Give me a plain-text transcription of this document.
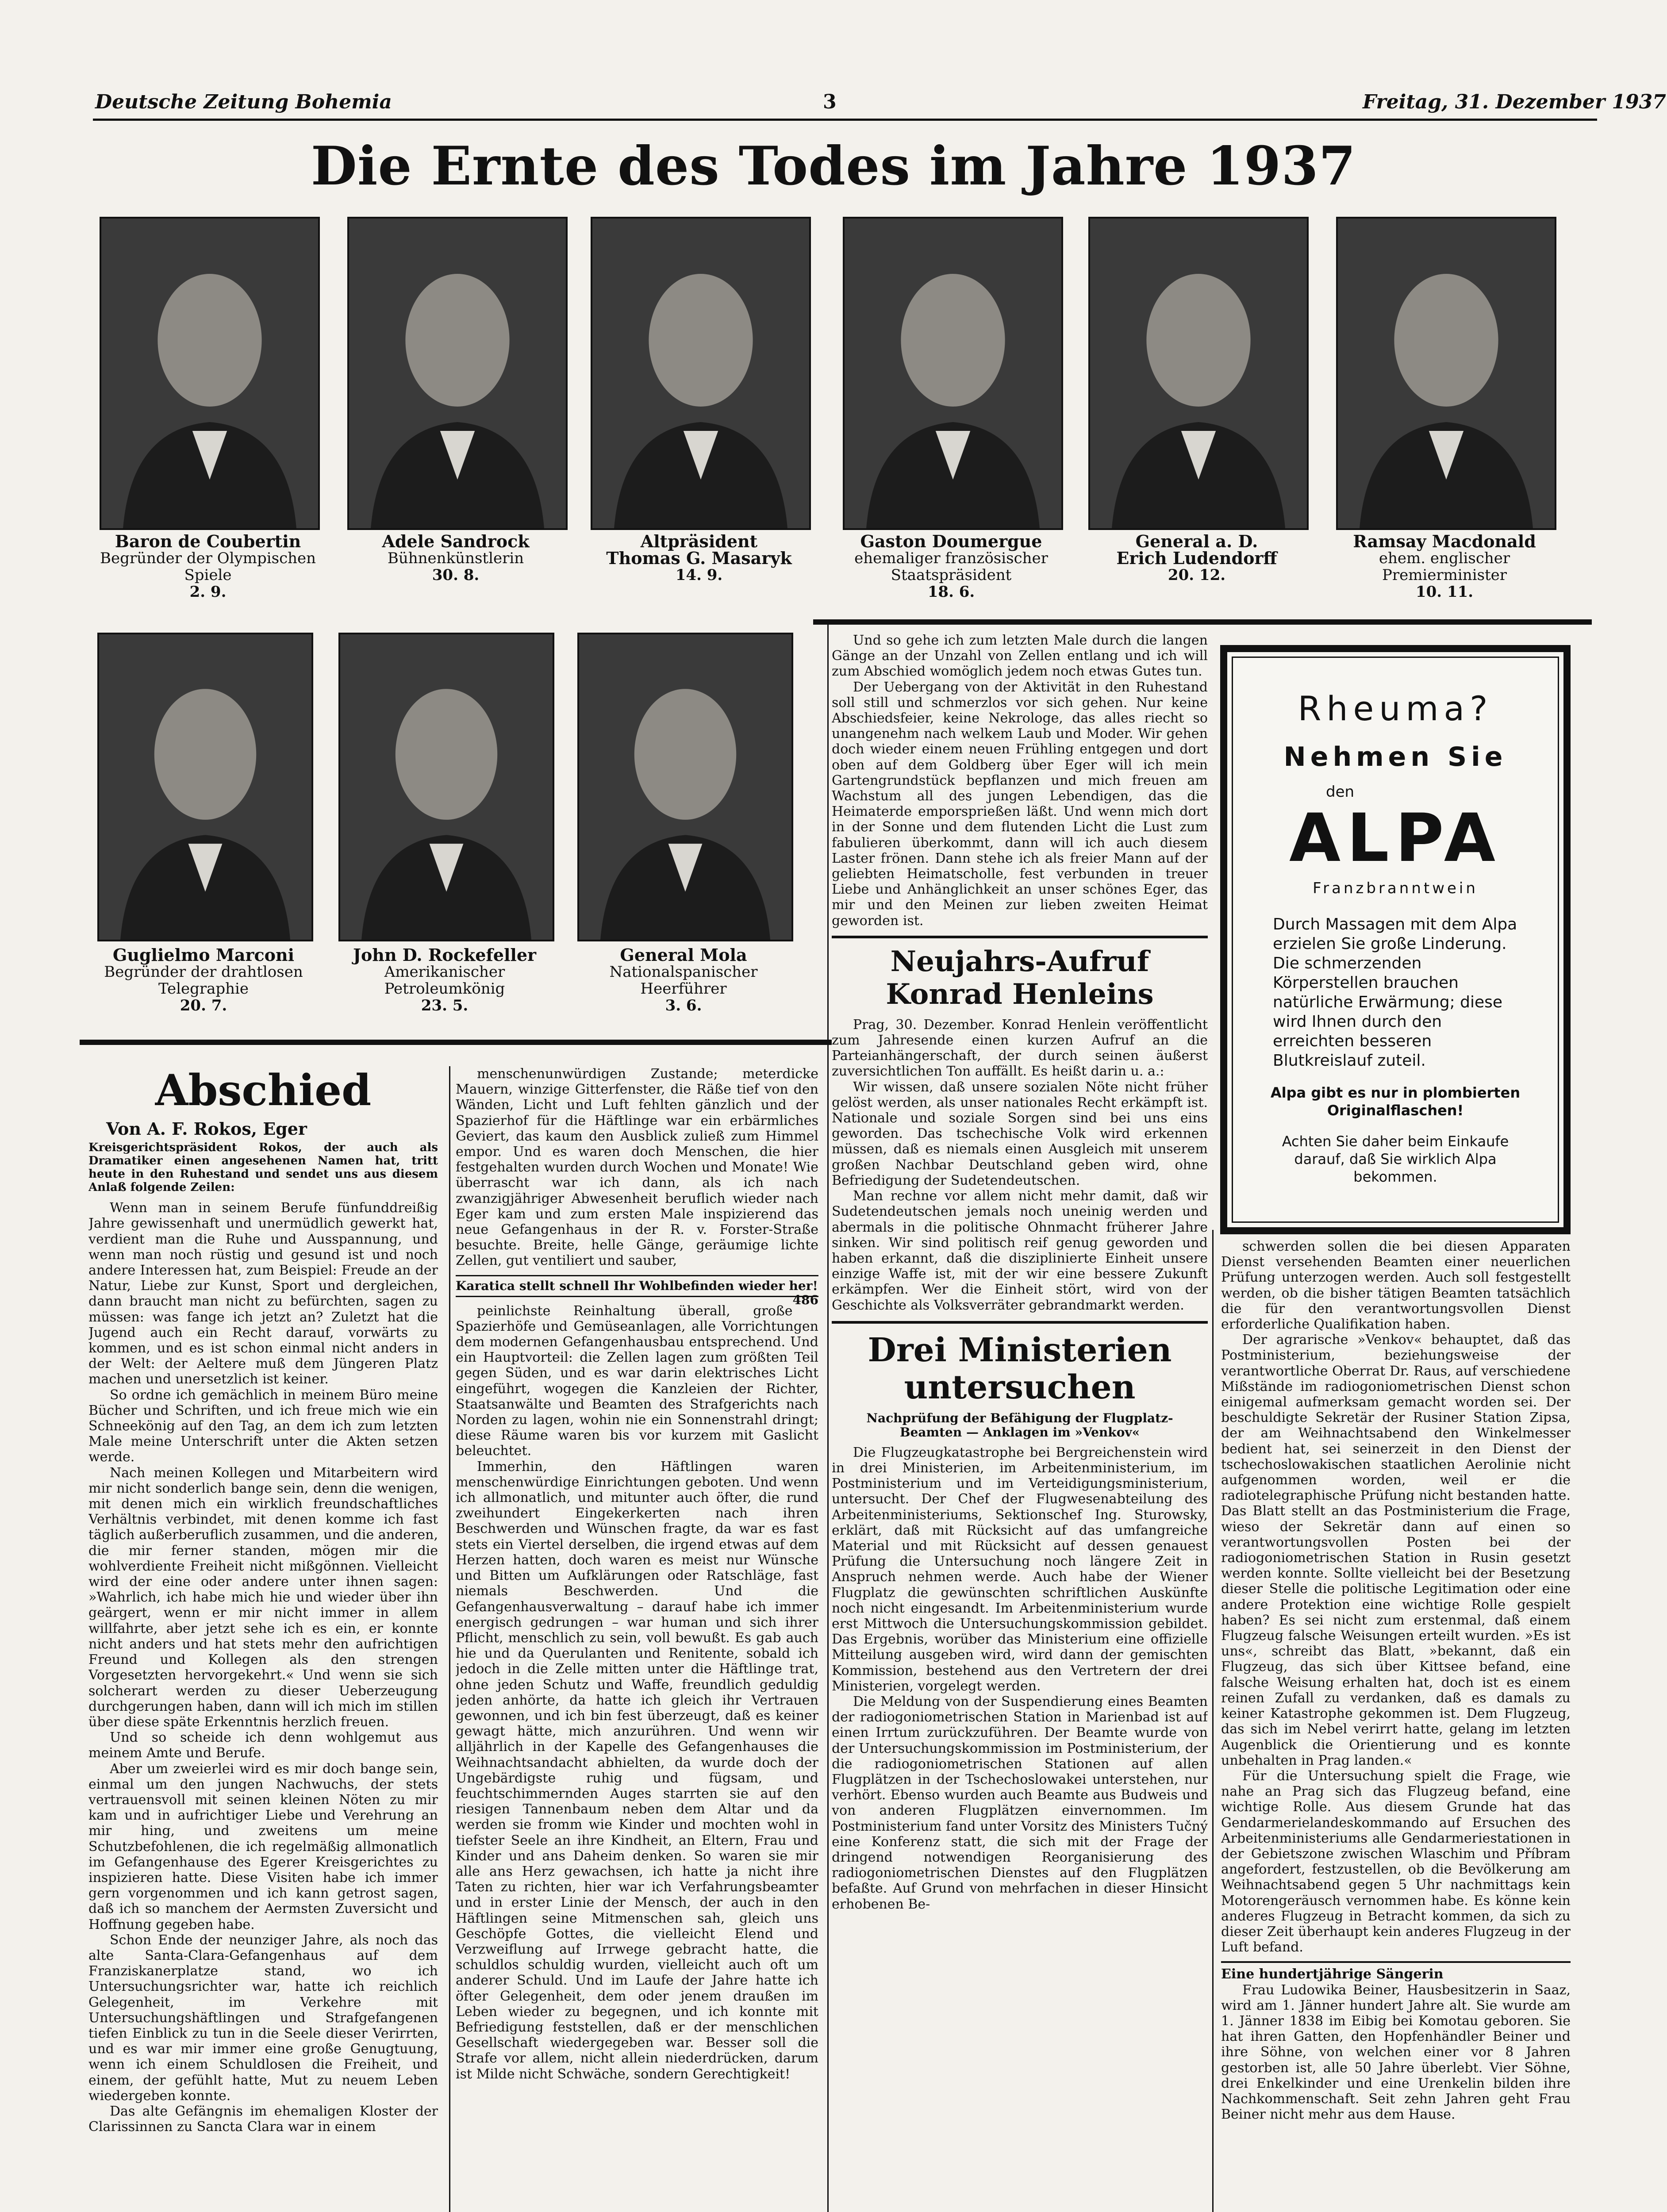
Deutsche Zeitung Bohemia	3	Freitag, 31. Dezember 1937
Die Ernte des Todes im Jahre 1937
Baron de Coubertin
Begründer der Olympischen Spiele
2. 9.
Adele Sandrock
Bühnenkünstlerin
30. 8.
Altpräsident
Thomas G. Masaryk
14. 9.
Gaston Doumergue
ehemaliger französischer Staatspräsident
18. 6.
General a. D.
Erich Ludendorff
20. 12.
Ramsay Macdonald
ehem. englischer Premierminister
10. 11.
Guglielmo Marconi
Begründer der drahtlosen Telegraphie
20. 7.
John D. Rockefeller
Amerikanischer Petroleumkönig
23. 5.
General Mola
Nationalspanischer Heerführer
3. 6.
Abschied
Von A. F. Rokos, Eger
Kreisgerichtspräsident Rokos, der auch als Dramatiker einen angesehenen Namen hat, tritt heute in den Ruhestand und sendet uns aus diesem Anlaß folgende Zeilen:

Wenn man in seinem Berufe fünfunddreißig Jahre gewissenhaft und unermüdlich gewerkt hat, verdient man die Ruhe und Ausspannung, und wenn man noch rüstig und gesund ist und noch andere Interessen hat, zum Beispiel: Freude an der Natur, Liebe zur Kunst, Sport und dergleichen, dann braucht man nicht zu befürchten, sagen zu müssen: was fange ich jetzt an? Zuletzt hat die Jugend auch ein Recht darauf, vorwärts zu kommen, und es ist schon einmal nicht anders in der Welt: der Aeltere muß dem Jüngeren Platz machen und unersetzlich ist keiner.

So ordne ich gemächlich in meinem Büro meine Bücher und Schriften, und ich freue mich wie ein Schneekönig auf den Tag, an dem ich zum letzten Male meine Unterschrift unter die Akten setzen werde.

Nach meinen Kollegen und Mitarbeitern wird mir nicht sonderlich bange sein, denn die wenigen, mit denen mich ein wirklich freundschaftliches Verhältnis verbindet, mit denen komme ich fast täglich außerberuflich zusammen, und die anderen, die mir ferner standen, mögen mir die wohlverdiente Freiheit nicht mißgönnen. Vielleicht wird der eine oder andere unter ihnen sagen: »Wahrlich, ich habe mich hie und wieder über ihn geärgert, wenn er mir nicht immer in allem willfahrte, aber jetzt sehe ich es ein, er konnte nicht anders und hat stets mehr den aufrichtigen Freund und Kollegen als den strengen Vorgesetzten hervorgekehrt.« Und wenn sie sich solcherart werden zu dieser Ueberzeugung durchgerungen haben, dann will ich mich im stillen über diese späte Erkenntnis herzlich freuen.

Und so scheide ich denn wohlgemut aus meinem Amte und Berufe.

Aber um zweierlei wird es mir doch bange sein, einmal um den jungen Nachwuchs, der stets vertrauensvoll mit seinen kleinen Nöten zu mir kam und in aufrichtiger Liebe und Verehrung an mir hing, und zweitens um meine Schutzbefohlenen, die ich regelmäßig allmonatlich im Gefangenhause des Egerer Kreisgerichtes zu inspizieren hatte. Diese Visiten habe ich immer gern vorgenommen und ich kann getrost sagen, daß ich so manchem der Aermsten Zuversicht und Hoffnung gegeben habe.

Schon Ende der neunziger Jahre, als noch das alte Santa-Clara-Gefangenhaus auf dem Franziskanerplatze stand, wo ich Untersuchungsrichter war, hatte ich reichlich Gelegenheit, im Verkehre mit Untersuchungshäftlingen und Strafgefangenen tiefen Einblick zu tun in die Seele dieser Verirrten, und es war mir immer eine große Genugtuung, wenn ich einem Schuldlosen die Freiheit, und einem, der gefühlt hatte, Mut zu neuem Leben wiedergeben konnte.

Das alte Gefängnis im ehemaligen Kloster der Clarissinnen zu Sancta Clara war in einem

menschenunwürdigen Zustande; meterdicke Mauern, winzige Gitterfenster, die Räße tief von den Wänden, Licht und Luft fehlten gänzlich und der Spazierhof für die Häftlinge war ein erbärmliches Geviert, das kaum den Ausblick zuließ zum Himmel empor. Und es waren doch Menschen, die hier festgehalten wurden durch Wochen und Monate! Wie überrascht war ich dann, als ich nach zwanzigjähriger Abwesenheit beruflich wieder nach Eger kam und zum ersten Male inspizierend das neue Gefangenhaus in der R. v. Forster-Straße besuchte. Breite, helle Gänge, geräumige lichte Zellen, gut ventiliert und sauber,

Karatica stellt schnell Ihr Wohlbefinden wieder her!
486

peinlichste Reinhaltung überall, große Spazierhöfe und Gemüseanlagen, alle Vorrichtungen dem modernen Gefangenhausbau entsprechend. Und ein Hauptvorteil: die Zellen lagen zum größten Teil gegen Süden, und es war darin elektrisches Licht eingeführt, wogegen die Kanzleien der Richter, Staatsanwälte und Beamten des Strafgerichts nach Norden zu lagen, wohin nie ein Sonnenstrahl dringt; diese Räume waren bis vor kurzem mit Gaslicht beleuchtet.

Immerhin, den Häftlingen waren menschenwürdige Einrichtungen geboten. Und wenn ich allmonatlich, und mitunter auch öfter, die rund zweihundert Eingekerkerten nach ihren Beschwerden und Wünschen fragte, da war es fast stets ein Viertel derselben, die irgend etwas auf dem Herzen hatten, doch waren es meist nur Wünsche und Bitten um Aufklärungen oder Ratschläge, fast niemals Beschwerden. Und die Gefangenhausverwaltung – darauf habe ich immer energisch gedrungen – war human und sich ihrer Pflicht, menschlich zu sein, voll bewußt. Es gab auch hie und da Querulanten und Renitente, sobald ich jedoch in die Zelle mitten unter die Häftlinge trat, ohne jeden Schutz und Waffe, freundlich geduldig jeden anhörte, da hatte ich gleich ihr Vertrauen gewonnen, und ich bin fest überzeugt, daß es keiner gewagt hätte, mich anzurühren. Und wenn wir alljährlich in der Kapelle des Gefangenhauses die Weihnachtsandacht abhielten, da wurde doch der Ungebärdigste ruhig und fügsam, und feuchtschimmernden Auges starrten sie auf den riesigen Tannenbaum neben dem Altar und da werden sie fromm wie Kinder und mochten wohl in tiefster Seele an ihre Kindheit, an Eltern, Frau und Kinder und ans Daheim denken. So waren sie mir alle ans Herz gewachsen, ich hatte ja nicht ihre Taten zu richten, hier war ich Verfahrungsbeamter und in erster Linie der Mensch, der auch in den Häftlingen seine Mitmenschen sah, gleich uns Geschöpfe Gottes, die vielleicht Elend und Verzweiflung auf Irrwege gebracht hatte, die schuldlos schuldig wurden, vielleicht auch oft um anderer Schuld. Und im Laufe der Jahre hatte ich öfter Gelegenheit, dem oder jenem draußen im Leben wieder zu begegnen, und ich konnte mit Befriedigung feststellen, daß er der menschlichen Gesellschaft wiedergegeben war. Besser soll die Strafe vor allem, nicht allein niederdrücken, darum ist Milde nicht Schwäche, sondern Gerechtigkeit!

Und so gehe ich zum letzten Male durch die langen Gänge an der Unzahl von Zellen entlang und ich will zum Abschied womöglich jedem noch etwas Gutes tun.

Der Uebergang von der Aktivität in den Ruhestand soll still und schmerzlos vor sich gehen. Nur keine Abschiedsfeier, keine Nekrologe, das alles riecht so unangenehm nach welkem Laub und Moder. Wir gehen doch wieder einem neuen Frühling entgegen und dort oben auf dem Goldberg über Eger will ich mein Gartengrundstück bepflanzen und mich freuen am Wachstum all des jungen Lebendigen, das die Heimaterde emporsprießen läßt. Und wenn mich dort in der Sonne und dem flutenden Licht die Lust zum fabulieren überkommt, dann will ich auch diesem Laster frönen. Dann stehe ich als freier Mann auf der geliebten Heimatscholle, fest verbunden in treuer Liebe und Anhänglichkeit an unser schönes Eger, das mir und den Meinen zur lieben zweiten Heimat geworden ist.

Neujahrs-Aufruf
Konrad Henleins

Prag, 30. Dezember. Konrad Henlein veröffentlicht zum Jahresende einen kurzen Aufruf an die Parteianhängerschaft, der durch seinen äußerst zuversichtlichen Ton auffällt. Es heißt darin u. a.:

Wir wissen, daß unsere sozialen Nöte nicht früher gelöst werden, als unser nationales Recht erkämpft ist. Nationale und soziale Sorgen sind bei uns eins geworden. Das tschechische Volk wird erkennen müssen, daß es niemals einen Ausgleich mit unserem großen Nachbar Deutschland geben wird, ohne Befriedigung der Sudetendeutschen.

Man rechne vor allem nicht mehr damit, daß wir Sudetendeutschen jemals noch uneinig werden und abermals in die politische Ohnmacht früherer Jahre sinken. Wir sind politisch reif genug geworden und haben erkannt, daß die disziplinierte Einheit unsere einzige Waffe ist, mit der wir eine bessere Zukunft erkämpfen. Wer die Einheit stört, wird von der Geschichte als Volksverräter gebrandmarkt werden.

Drei Ministerien
untersuchen
Nachprüfung der Befähigung der Flugplatz-Beamten — Anklagen im »Venkov«

Die Flugzeugkatastrophe bei Bergreichenstein wird in drei Ministerien, im Arbeitenministerium, im Postministerium und im Verteidigungsministerium, untersucht. Der Chef der Flugwesenabteilung des Arbeitenministeriums, Sektionschef Ing. Sturowsky, erklärt, daß mit Rücksicht auf das umfangreiche Material und mit Rücksicht auf dessen genauest Prüfung die Untersuchung noch längere Zeit in Anspruch nehmen werde. Auch habe der Wiener Flugplatz die gewünschten schriftlichen Auskünfte noch nicht eingesandt. Im Arbeitenministerium wurde erst Mittwoch die Untersuchungskommission gebildet. Das Ergebnis, worüber das Ministerium eine offizielle Mitteilung ausgeben wird, wird dann der gemischten Kommission, bestehend aus den Vertretern der drei Ministerien, vorgelegt werden.

Die Meldung von der Suspendierung eines Beamten der radiogoniometrischen Station in Marienbad ist auf einen Irrtum zurückzuführen. Der Beamte wurde von der Untersuchungskommission im Postministerium, der die radiogoniometrischen Stationen auf allen Flugplätzen in der Tschechoslowakei unterstehen, nur verhört. Ebenso wurden auch Beamte aus Budweis und von anderen Flugplätzen einvernommen. Im Postministerium fand unter Vorsitz des Ministers Tučný eine Konferenz statt, die sich mit der Frage der dringend notwendigen Reorganisierung des radiogoniometrischen Dienstes auf den Flugplätzen befaßte. Auf Grund von mehrfachen in dieser Hinsicht erhobenen Be-

Rheuma?
Nehmen Sie
den
ALPA
Franzbranntwein
Durch Massagen mit dem Alpa erzielen Sie große Linderung. Die schmerzenden Körperstellen brauchen natürliche Erwärmung; diese wird Ihnen durch den erreichten besseren Blutkreislauf zuteil.
Alpa gibt es nur in plombierten Originalflaschen!
Achten Sie daher beim Einkaufe darauf, daß Sie wirklich Alpa bekommen.

schwerden sollen die bei diesen Apparaten Dienst versehenden Beamten einer neuerlichen Prüfung unterzogen werden. Auch soll festgestellt werden, ob die bisher tätigen Beamten tatsächlich die für den verantwortungsvollen Dienst erforderliche Qualifikation haben.

Der agrarische »Venkov« behauptet, daß das Postministerium, beziehungsweise der verantwortliche Oberrat Dr. Raus, auf verschiedene Mißstände im radiogoniometrischen Dienst schon einigemal aufmerksam gemacht worden sei. Der beschuldigte Sekretär der Rusiner Station Zipsa, der am Weihnachtsabend den Winkelmesser bedient hat, sei seinerzeit in den Dienst der tschechoslowakischen staatlichen Aerolinie nicht aufgenommen worden, weil er die radiotelegraphische Prüfung nicht bestanden hatte. Das Blatt stellt an das Postministerium die Frage, wieso der Sekretär dann auf einen so verantwortungsvollen Posten bei der radiogoniometrischen Station in Rusin gesetzt werden konnte. Sollte vielleicht bei der Besetzung dieser Stelle die politische Legitimation oder eine andere Protektion eine wichtige Rolle gespielt haben? Es sei nicht zum erstenmal, daß einem Flugzeug falsche Weisungen erteilt wurden. »Es ist uns«, schreibt das Blatt, »bekannt, daß ein Flugzeug, das sich über Kittsee befand, eine falsche Weisung erhalten hat, doch ist es einem reinen Zufall zu verdanken, daß es damals zu keiner Katastrophe gekommen ist. Dem Flugzeug, das sich im Nebel verirrt hatte, gelang im letzten Augenblick die Orientierung und es konnte unbehalten in Prag landen.«

Für die Untersuchung spielt die Frage, wie nahe an Prag sich das Flugzeug befand, eine wichtige Rolle. Aus diesem Grunde hat das Gendarmerielandeskommando auf Ersuchen des Arbeitenministeriums alle Gendarmeriestationen in der Gebietszone zwischen Wlaschim und Příbram angefordert, festzustellen, ob die Bevölkerung am Weihnachtsabend gegen 5 Uhr nachmittags kein Motorengeräusch vernommen habe. Es könne kein anderes Flugzeug in Betracht kommen, da sich zu dieser Zeit überhaupt kein anderes Flugzeug in der Luft befand.

Eine hundertjährige Sängerin

Frau Ludowika Beiner, Hausbesitzerin in Saaz, wird am 1. Jänner hundert Jahre alt. Sie wurde am 1. Jänner 1838 im Eibig bei Komotau geboren. Sie hat ihren Gatten, den Hopfenhändler Beiner und ihre Söhne, von welchen einer vor 8 Jahren gestorben ist, alle 50 Jahre überlebt. Vier Söhne, drei Enkelkinder und eine Urenkelin bilden ihre Nachkommenschaft. Seit zehn Jahren geht Frau Beiner nicht mehr aus dem Hause.
